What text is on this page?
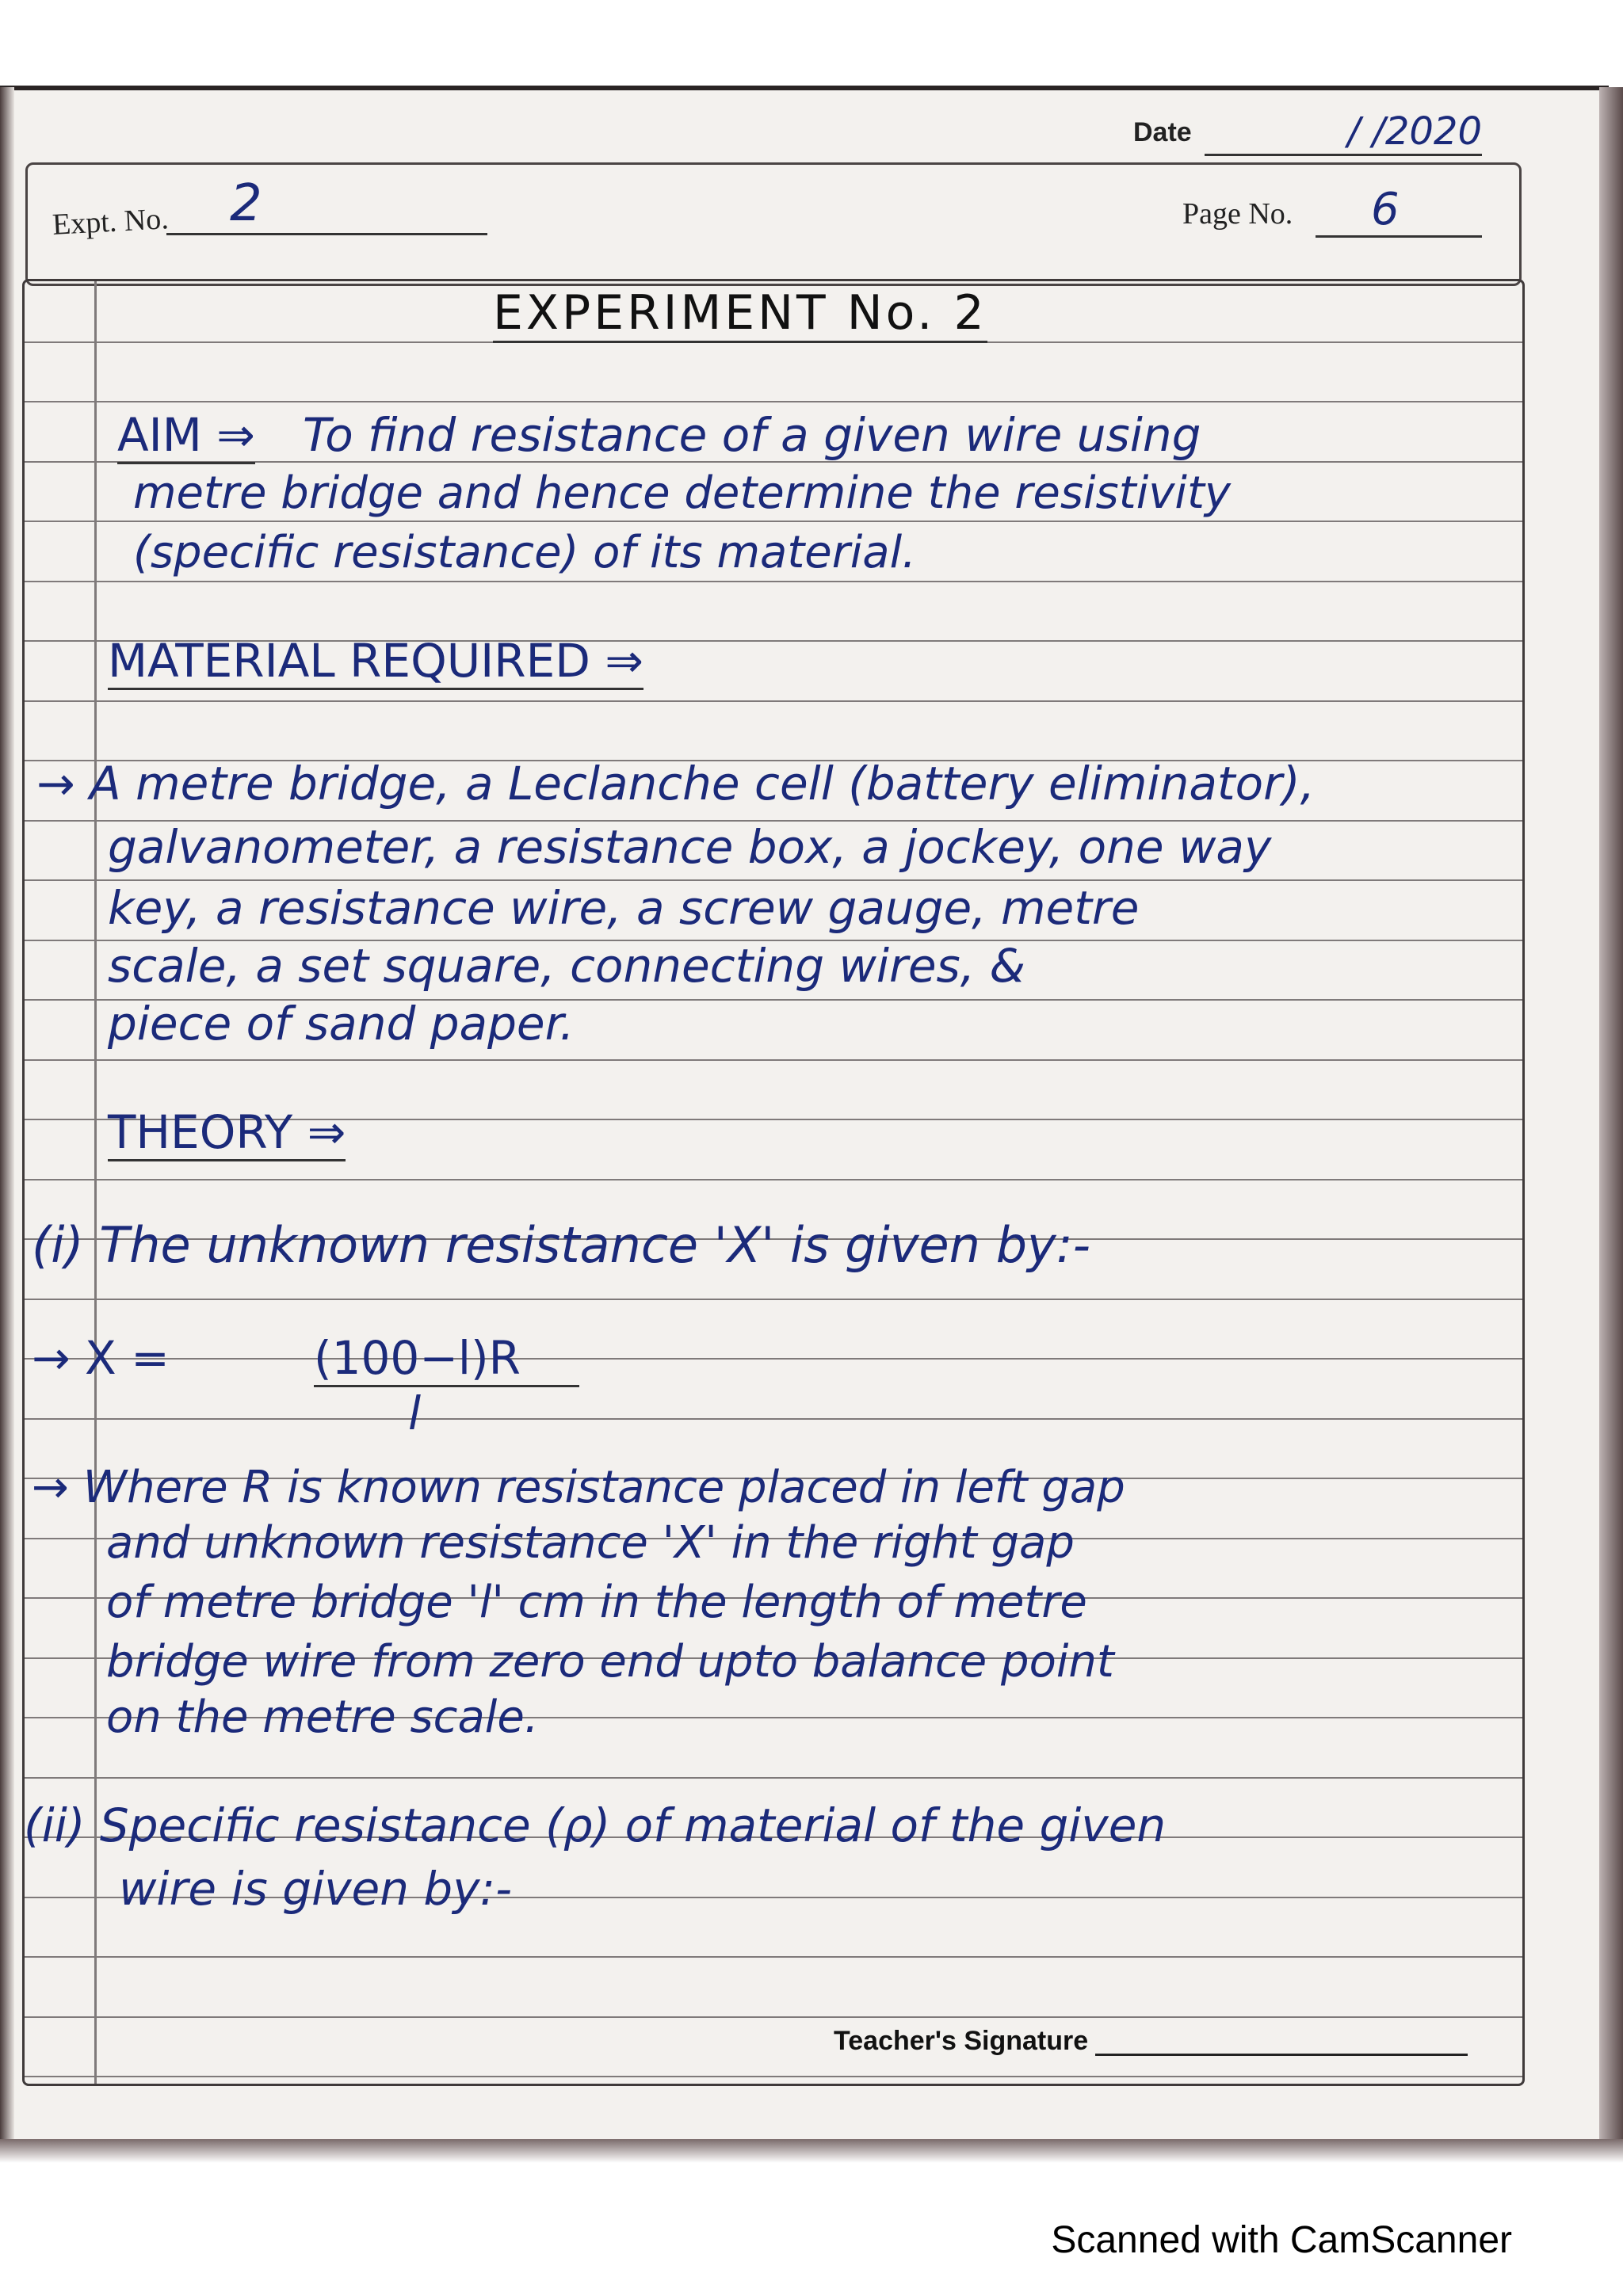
Date	/ /2020
Expt. No.	2	Page No.	6
EXPERIMENT No. 2
AIM ⇒ To find resistance of a given wire using
metre bridge and hence determine the resistivity
(specific resistance) of its material.
MATERIAL REQUIRED ⇒
→ A metre bridge, a Leclanche cell (battery eliminator),
galvanometer, a resistance box, a jockey, one way
key, a resistance wire, a screw gauge, metre
scale, a set square, connecting wires, &
piece of sand paper.
THEORY ⇒
(i) The unknown resistance 'X' is given by:-
→ X =	(100−l)R
l
→ Where R is known resistance placed in left gap
and unknown resistance 'X' in the right gap
of metre bridge 'l' cm in the length of metre
bridge wire from zero end upto balance point
on the metre scale.
(ii) Specific resistance (ρ) of material of the given
wire is given by:-
Teacher's Signature
Scanned with CamScanner
